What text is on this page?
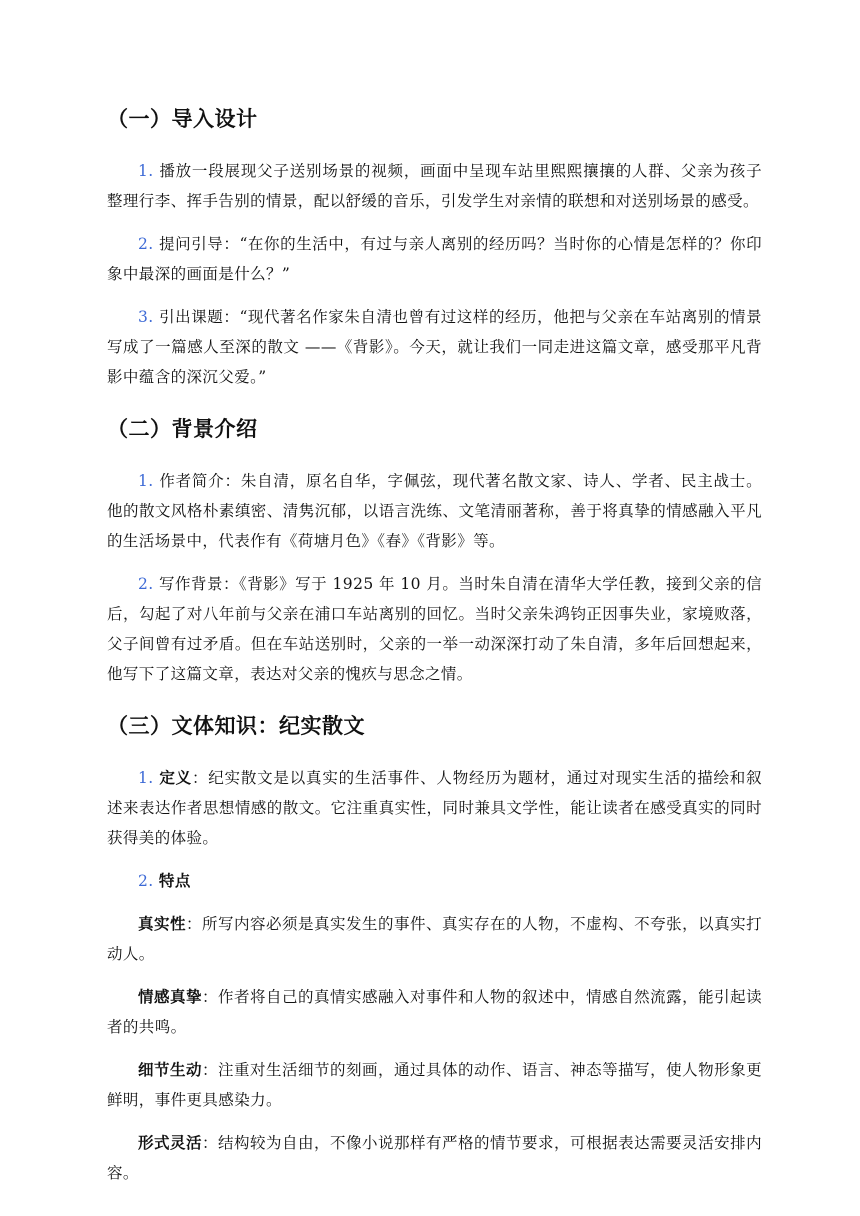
（一）导入设计

1. 播放一段展现父子送别场景的视频，画面中呈现车站里熙熙攘攘的人群、父亲为孩子整理行李、挥手告别的情景，配以舒缓的音乐，引发学生对亲情的联想和对送别场景的感受。

2. 提问引导：“在你的生活中，有过与亲人离别的经历吗？当时你的心情是怎样的？你印象中最深的画面是什么？”

3. 引出课题：“现代著名作家朱自清也曾有过这样的经历，他把与父亲在车站离别的情景写成了一篇感人至深的散文 ——《背影》。今天，就让我们一同走进这篇文章，感受那平凡背影中蕴含的深沉父爱。”

（二）背景介绍

1. 作者简介：朱自清，原名自华，字佩弦，现代著名散文家、诗人、学者、民主战士。他的散文风格朴素缜密、清隽沉郁，以语言洗练、文笔清丽著称，善于将真挚的情感融入平凡的生活场景中，代表作有《荷塘月色》《春》《背影》等。

2. 写作背景：《背影》写于 1925 年 10 月。当时朱自清在清华大学任教，接到父亲的信后，勾起了对八年前与父亲在浦口车站离别的回忆。当时父亲朱鸿钧正因事失业，家境败落，父子间曾有过矛盾。但在车站送别时，父亲的一举一动深深打动了朱自清，多年后回想起来，他写下了这篇文章，表达对父亲的愧疚与思念之情。

（三）文体知识：纪实散文

1. 定义：纪实散文是以真实的生活事件、人物经历为题材，通过对现实生活的描绘和叙述来表达作者思想情感的散文。它注重真实性，同时兼具文学性，能让读者在感受真实的同时获得美的体验。

2. 特点

真实性：所写内容必须是真实发生的事件、真实存在的人物，不虚构、不夸张，以真实打动人。

情感真挚：作者将自己的真情实感融入对事件和人物的叙述中，情感自然流露，能引起读者的共鸣。

细节生动：注重对生活细节的刻画，通过具体的动作、语言、神态等描写，使人物形象更鲜明，事件更具感染力。

形式灵活：结构较为自由，不像小说那样有严格的情节要求，可根据表达需要灵活安排内容。
